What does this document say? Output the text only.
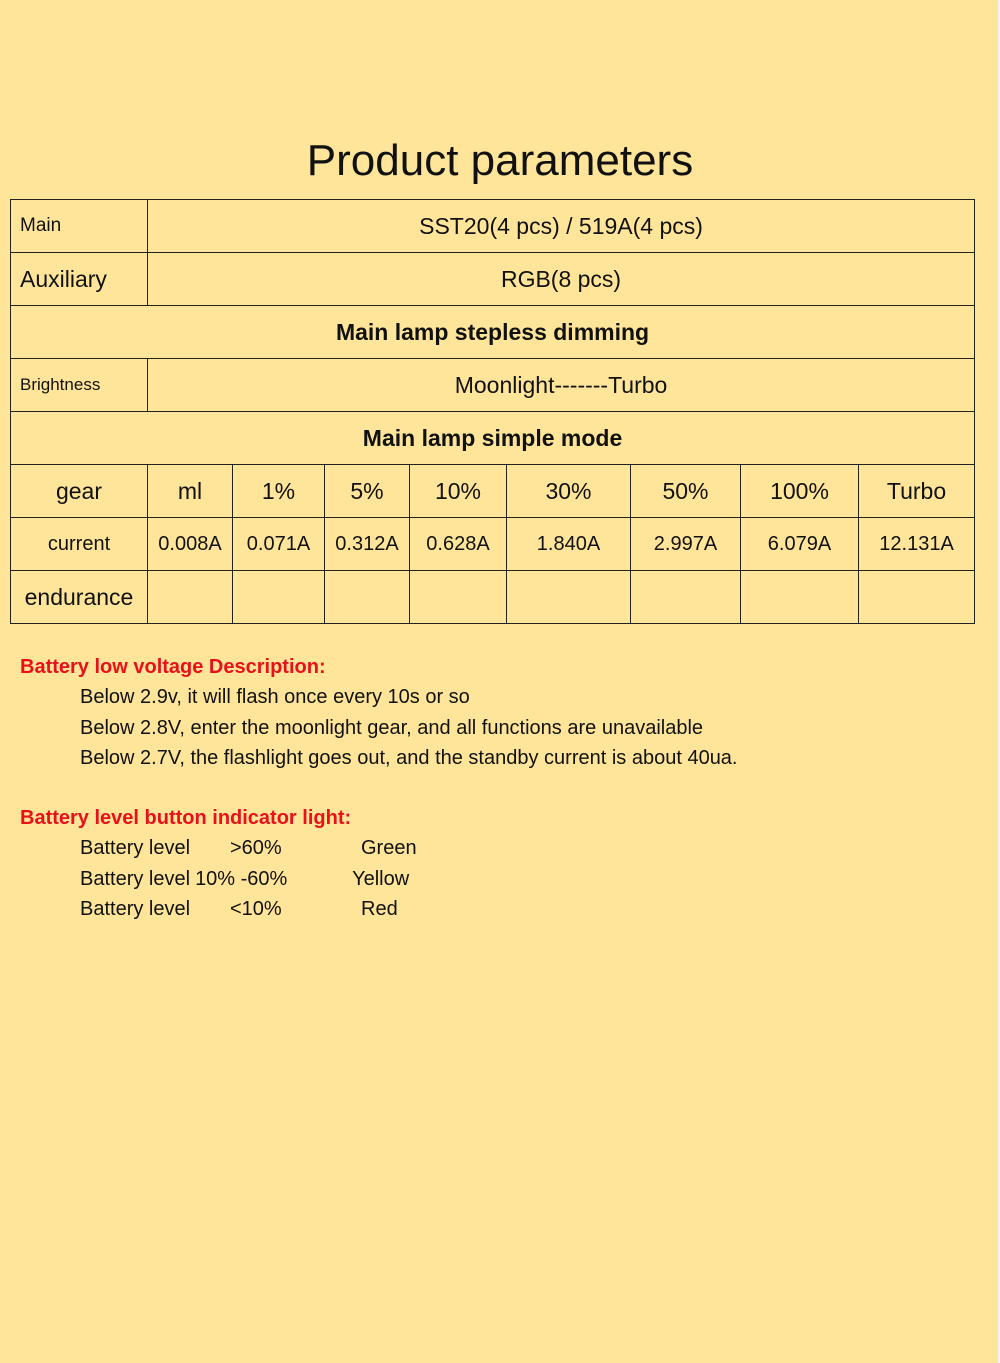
Product parameters
Main	SST20(4 pcs) / 519A(4 pcs)							
Auxiliary	RGB(8 pcs)							
Main lamp stepless dimming								
Brightness	Moonlight-------Turbo							
Main lamp simple mode								
gear	ml	1%	5%	10%	30%	50%	100%	Turbo
current	0.008A	0.071A	0.312A	0.628A	1.840A	2.997A	6.079A	12.131A
endurance								

Battery low voltage Description:

Below 2.9v, it will flash once every 10s or so

Below 2.8V, enter the moonlight gear, and all functions are unavailable

Below 2.7V, the flashlight goes out, and the standby current is about 40ua.

Battery level button indicator light:

Battery level	>60%	Green
Battery level 10% -60%	Yellow
Battery level	<10%	Red
